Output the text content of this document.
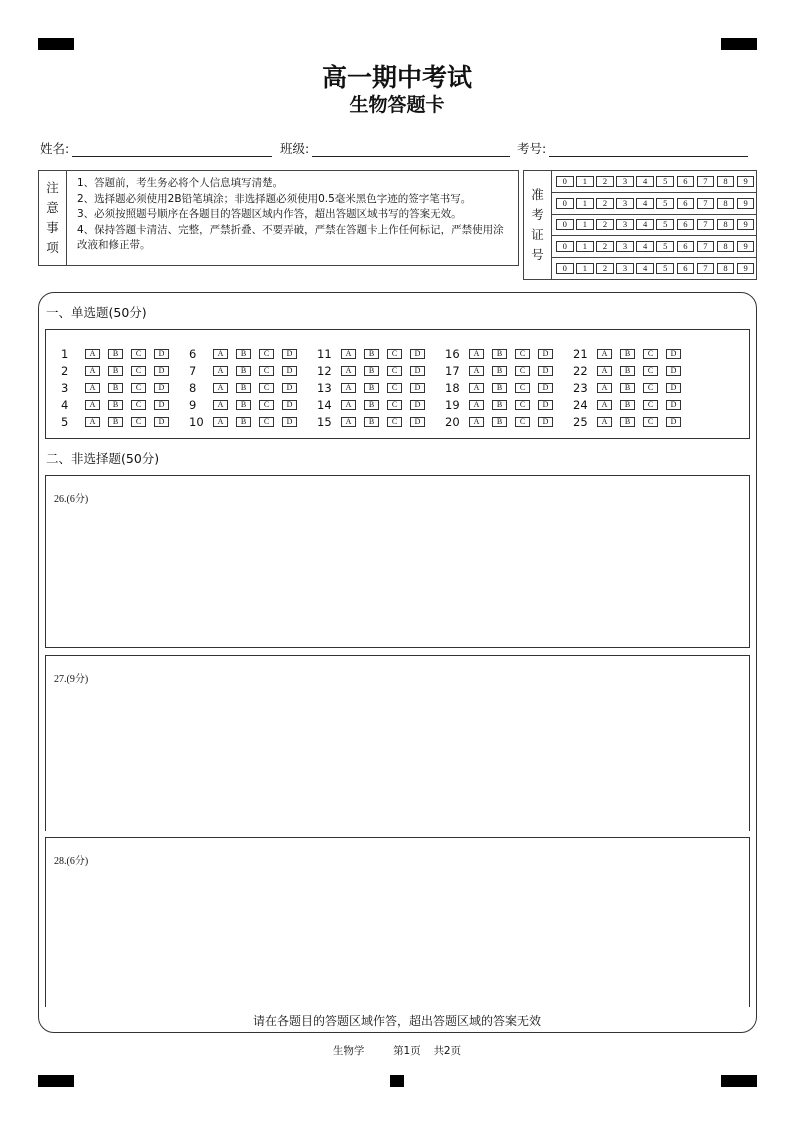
高一期中考试
生物答题卡
姓名:	班级:	考号:
注
意
事
项
1、答题前，考生务必将个人信息填写清楚。
2、选择题必须使用2B铅笔填涂；非选择题必须使用0.5毫米黑色字迹的签字笔书写。
3、必须按照题号顺序在各题目的答题区域内作答，超出答题区域书写的答案无效。
4、保持答题卡清洁、完整，严禁折叠、不要弄破，严禁在答题卡上作任何标记，严禁使用涂改液和修正带。
准
考
证
号
0	1	2	3	4	5	6	7	8	9
0	1	2	3	4	5	6	7	8	9
0	1	2	3	4	5	6	7	8	9
0	1	2	3	4	5	6	7	8	9
0	1	2	3	4	5	6	7	8	9
一、单选题(50分)
1	A	B	C	D
2	A	B	C	D
3	A	B	C	D
4	A	B	C	D
5	A	B	C	D
6	A	B	C	D
7	A	B	C	D
8	A	B	C	D
9	A	B	C	D
10	A	B	C	D
11	A	B	C	D
12	A	B	C	D
13	A	B	C	D
14	A	B	C	D
15	A	B	C	D
16	A	B	C	D
17	A	B	C	D
18	A	B	C	D
19	A	B	C	D
20	A	B	C	D
21	A	B	C	D
22	A	B	C	D
23	A	B	C	D
24	A	B	C	D
25	A	B	C	D
二、非选择题(50分)
26.(6分)
27.(9分)
28.(6分)
请在各题目的答题区域作答，超出答题区域的答案无效
生物学	第1页 共2页
